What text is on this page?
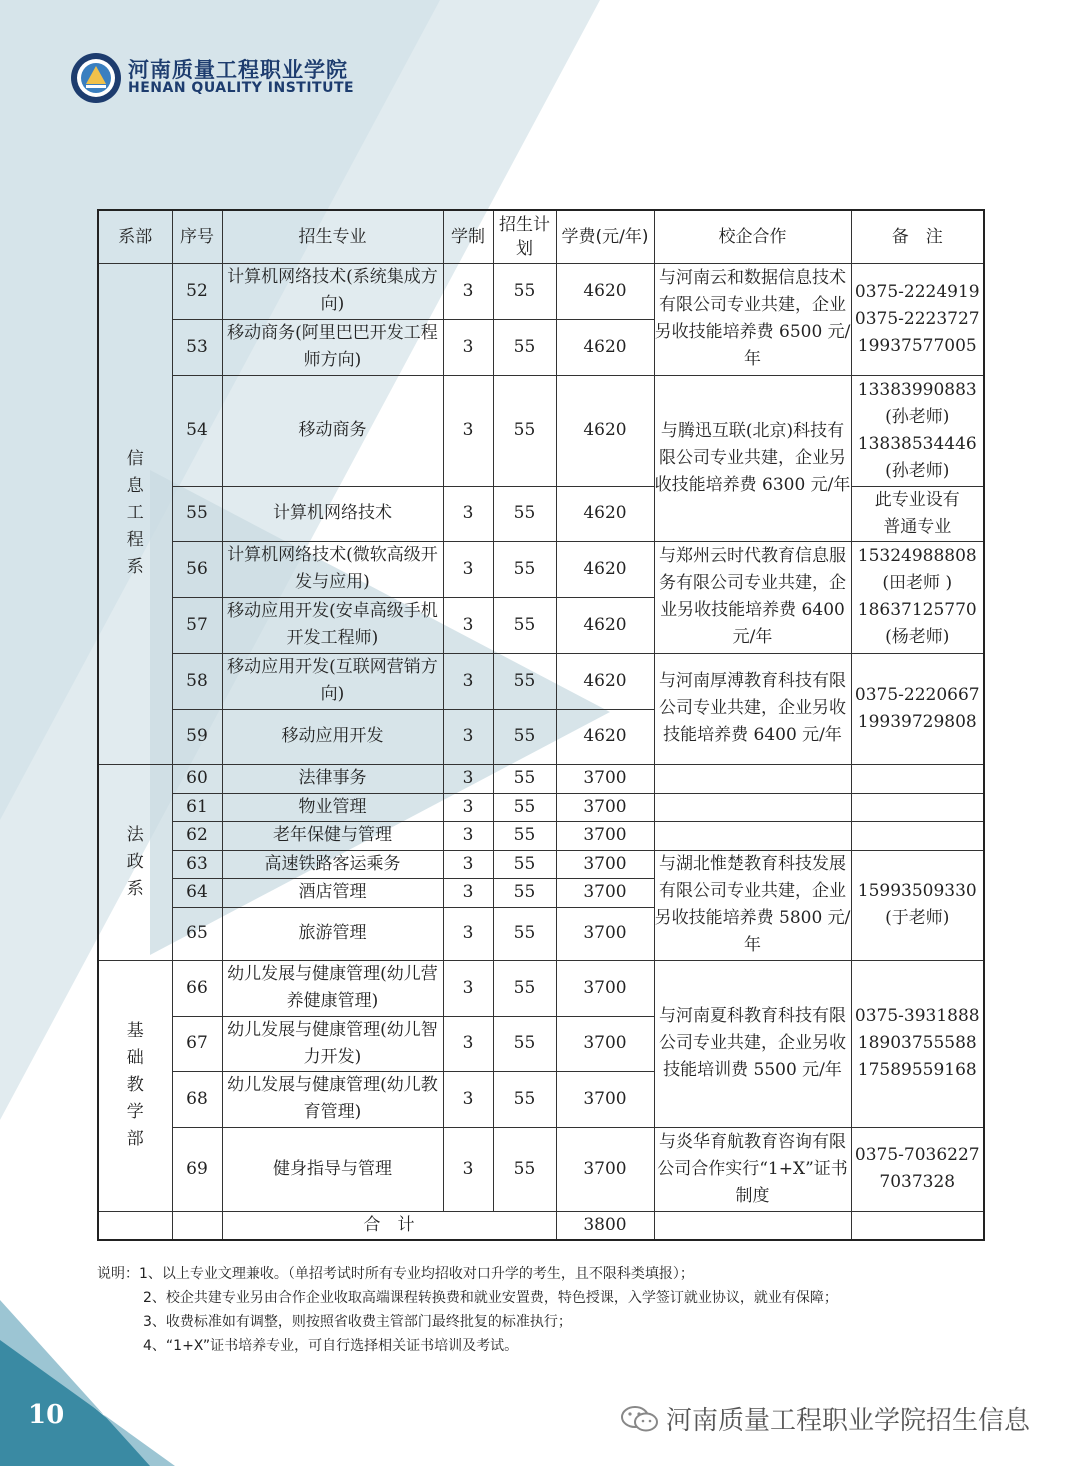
河南质量工程职业学院
HENAN QUALITY INSTITUTE
系部	序号	招生专业	学制	招生计划	学费(元/年)	校企合作	备　注
信息工程系	52	计算机网络技术(系统集成方向)	3	55	4620	与河南云和数据信息技术有限公司专业共建，企业另收技能培养费 6500 元/年	0375-2224919
0375-2223727
19937577005

	53	移动商务(阿里巴巴开发工程师方向)	3	55	4620		
	54	移动商务	3	55	4620	与腾迅互联(北京)科技有限公司专业共建，企业另收技能培养费 6300 元/年	13383990883
(孙老师)
13838534446
(孙老师)

	55	计算机网络技术	3	55	4620		此专业设有
普通专业

	56	计算机网络技术(微软高级开发与应用)	3	55	4620	与郑州云时代教育信息服务有限公司专业共建，企业另收技能培养费 6400 元/年	15324988808
(田老师 )
18637125770
(杨老师)

	57	移动应用开发(安卓高级手机开发工程师)	3	55	4620		
	58	移动应用开发(互联网营销方向)	3	55	4620	与河南厚溥教育科技有限公司专业共建，企业另收技能培养费 6400 元/年	0375-2220667
19939729808

	59	移动应用开发	3	55	4620		
法政系	60	法律事务	3	55	3700		
	61	物业管理	3	55	3700		
	62	老年保健与管理	3	55	3700		
	63	高速铁路客运乘务	3	55	3700	与湖北惟楚教育科技发展有限公司专业共建，企业另收技能培养费 5800 元/年	15993509330
(于老师)

	64	酒店管理	3	55	3700		
	65	旅游管理	3	55	3700		
基础教学部	66	幼儿发展与健康管理(幼儿营养健康管理)	3	55	3700	与河南夏科教育科技有限公司专业共建，企业另收技能培训费 5500 元/年	0375-3931888
18903755588
17589559168

	67	幼儿发展与健康管理(幼儿智力开发)	3	55	3700		
	68	幼儿发展与健康管理(幼儿教育管理)	3	55	3700		
	69	健身指导与管理	3	55	3700	与炎华育航教育咨询有限公司合作实行“1+X”证书制度	0375-7036227
7037328

		合　计			3800		
说明：1、以上专业文理兼收。（单招考试时所有专业均招收对口升学的考生，且不限科类填报）；
2、校企共建专业另由合作企业收取高端课程转换费和就业安置费，特色授课，入学签订就业协议，就业有保障；
3、收费标准如有调整，则按照省收费主管部门最终批复的标准执行；
4、“1+X”证书培养专业，可自行选择相关证书培训及考试。
10	河南质量工程职业学院招生信息
